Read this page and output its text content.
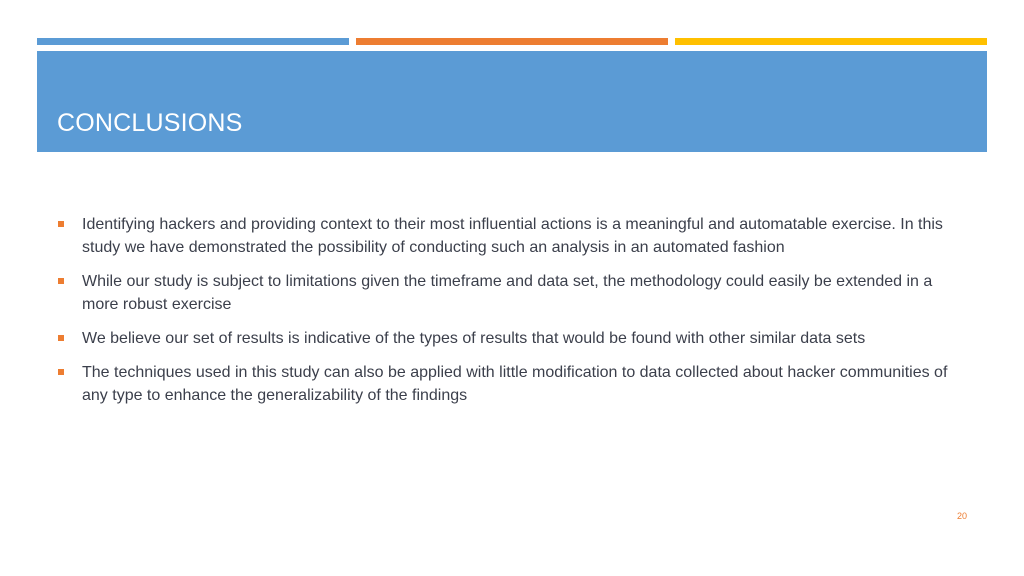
CONCLUSIONS
Identifying hackers and providing context to their most influential actions is a meaningful and automatable exercise. In this study we have demonstrated the possibility of conducting such an analysis in an automated fashion
While our study is subject to limitations given the timeframe and data set, the methodology could easily be extended in a more robust exercise
We believe our set of results is indicative of the types of results that would be found with other similar data sets
The techniques used in this study can also be applied with little modification to data collected about hacker communities of any type to enhance the generalizability of the findings
20
